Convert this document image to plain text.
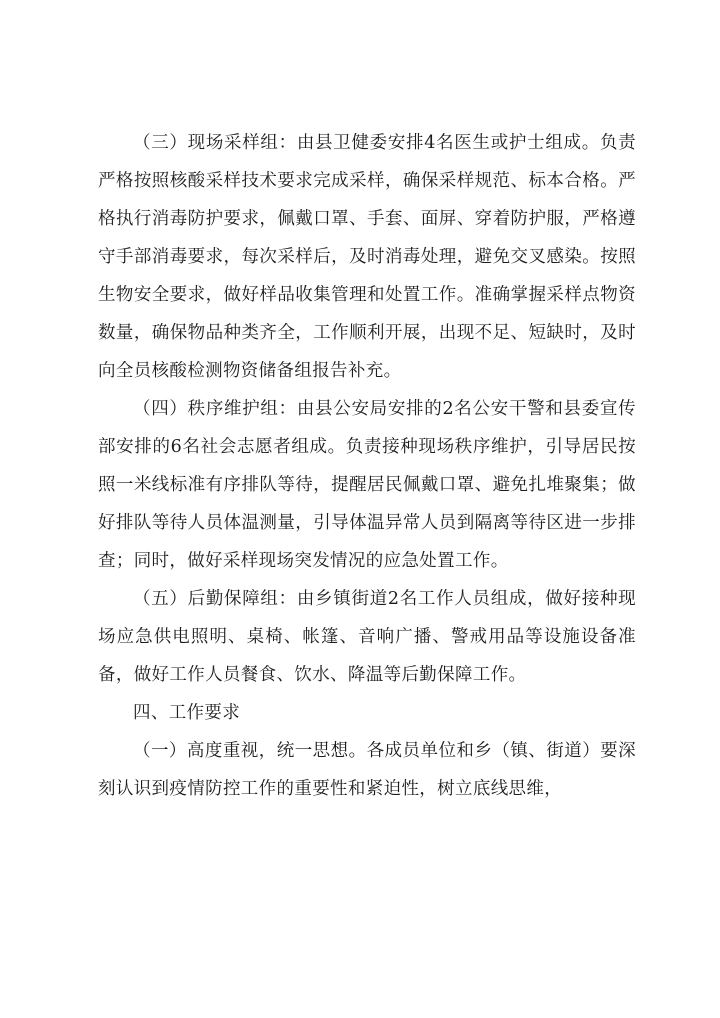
（三）现场采样组：由县卫健委安排4名医生或护士组成。负责严格按照核酸采样技术要求完成采样，确保采样规范、标本合格。严格执行消毒防护要求，佩戴口罩、手套、面屏、穿着防护服，严格遵守手部消毒要求，每次采样后，及时消毒处理，避免交叉感染。按照生物安全要求，做好样品收集管理和处置工作。准确掌握采样点物资数量，确保物品种类齐全，工作顺利开展，出现不足、短缺时，及时向全员核酸检测物资储备组报告补充。

（四）秩序维护组：由县公安局安排的2名公安干警和县委宣传部安排的6名社会志愿者组成。负责接种现场秩序维护，引导居民按照一米线标准有序排队等待，提醒居民佩戴口罩、避免扎堆聚集；做好排队等待人员体温测量，引导体温异常人员到隔离等待区进一步排查；同时，做好采样现场突发情况的应急处置工作。

（五）后勤保障组：由乡镇街道2名工作人员组成，做好接种现场应急供电照明、桌椅、帐篷、音响广播、警戒用品等设施设备准备，做好工作人员餐食、饮水、降温等后勤保障工作。

四、工作要求

（一）高度重视，统一思想。各成员单位和乡（镇、街道）要深刻认识到疫情防控工作的重要性和紧迫性，树立底线思维，
